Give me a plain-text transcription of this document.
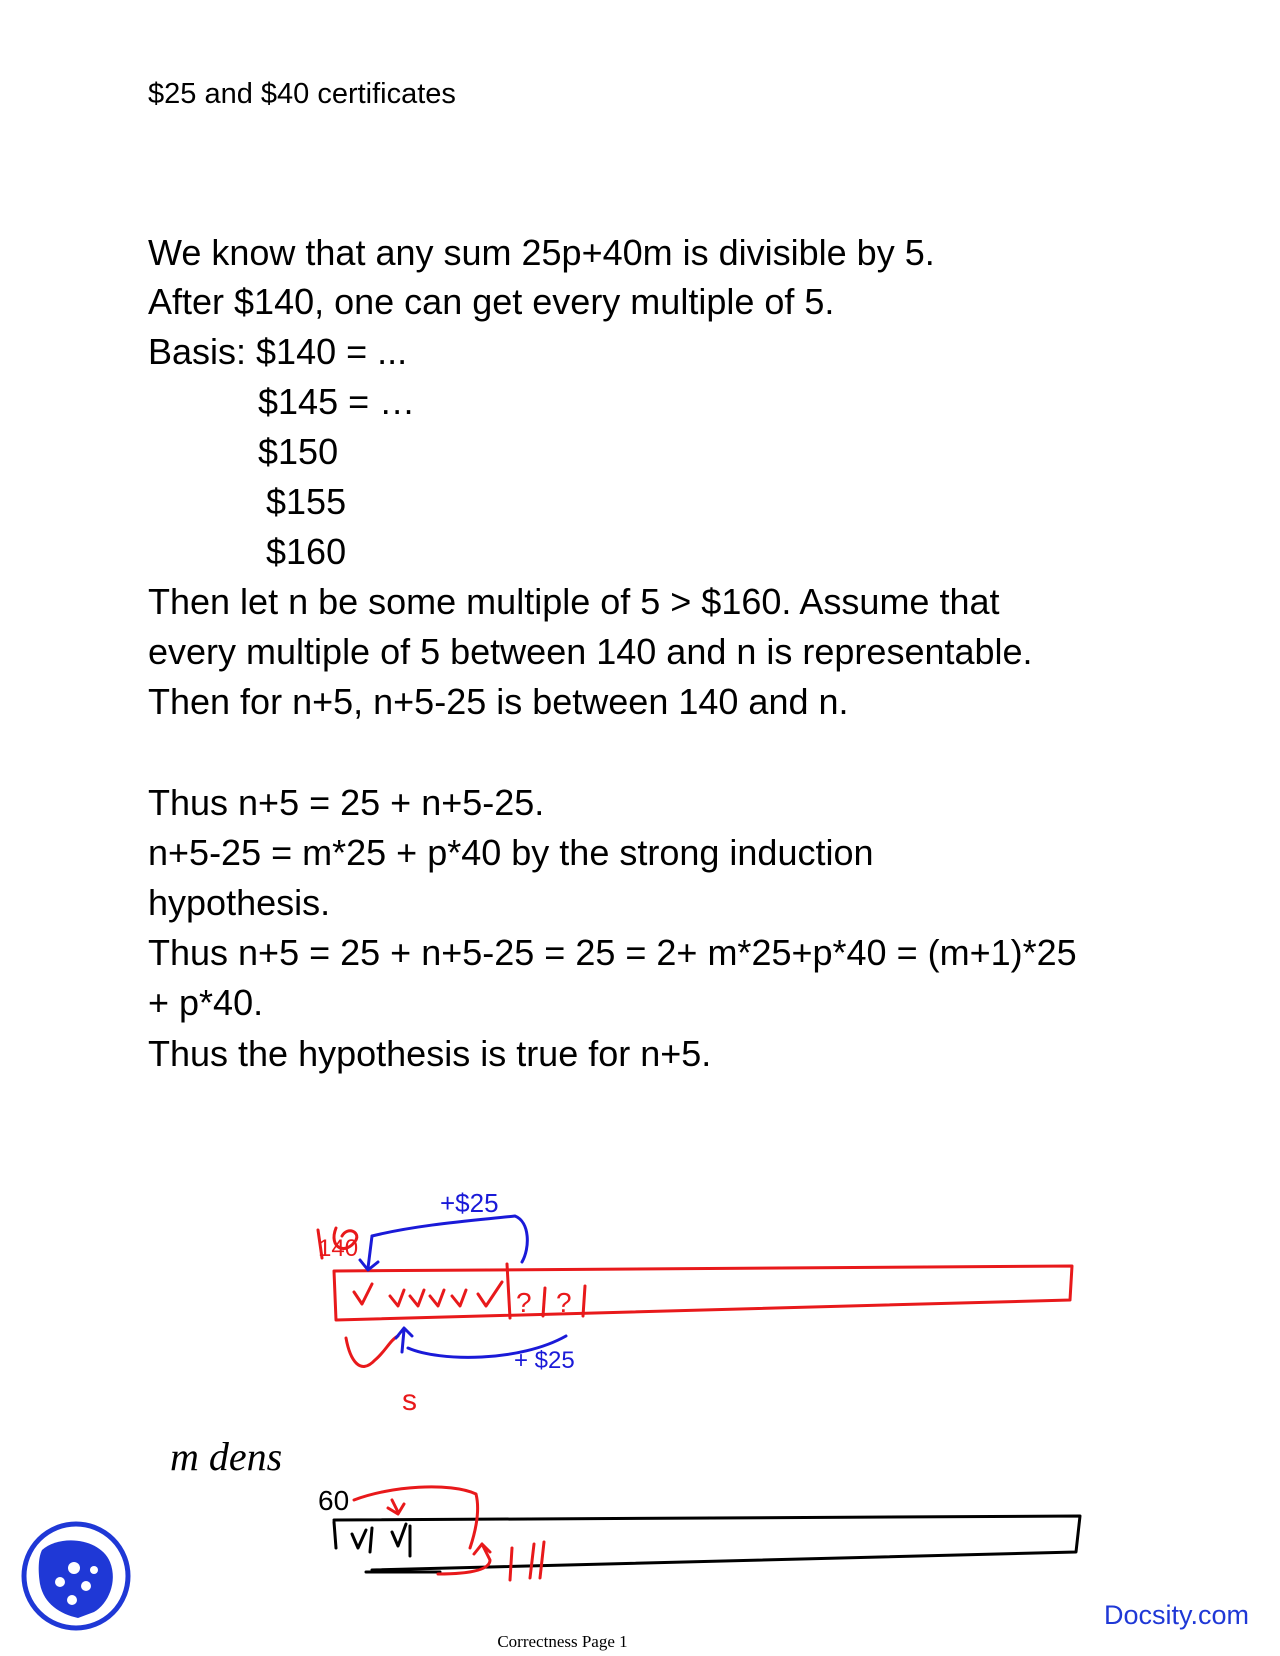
$25 and $40 certificates
We know that any sum 25p+40m is divisible by 5.
After $140, one can get every multiple of 5.
Basis: $140 = ...
$145 = …
$150
$155
$160
Then let n be some multiple of 5 > $160. Assume that
every multiple of 5 between 140 and n is representable.
Then for n+5, n+5-25 is between 140 and n.
Thus n+5 = 25 + n+5-25.
n+5-25 = m*25 + p*40 by the strong induction
hypothesis.
Thus n+5 = 25 + n+5-25 = 25 = 2+ m*25+p*40 = (m+1)*25
+ p*40.
Thus the hypothesis is true for n+5.
? ?
140
s
+$25
+ $25
m dens
60
Docsity.com
Correctness Page 1
